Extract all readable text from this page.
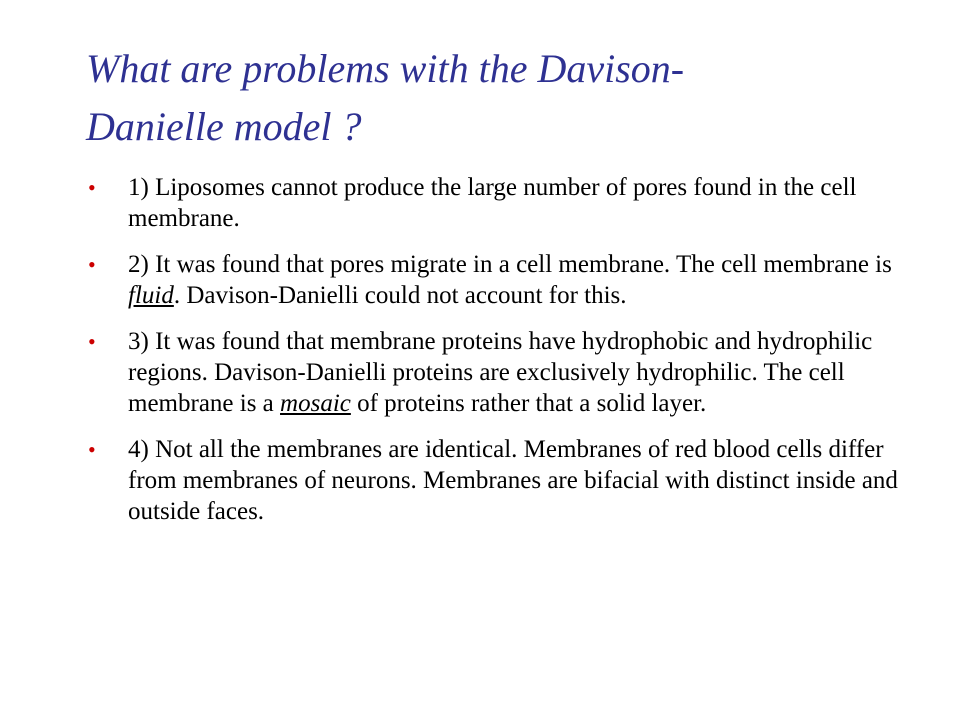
What are problems with the Davison-
Danielle model ?
• 1) Liposomes cannot produce the large number of pores found in the cell membrane.
• 2) It was found that pores migrate in a cell membrane. The cell membrane is fluid. Davison-Danielli could not account for this.
• 3) It was found that membrane proteins have hydrophobic and hydrophilic regions. Davison-Danielli proteins are exclusively hydrophilic. The cell membrane is a mosaic of proteins rather that a solid layer.
• 4) Not all the membranes are identical. Membranes of red blood cells differ from membranes of neurons. Membranes are bifacial with distinct inside and outside faces.
